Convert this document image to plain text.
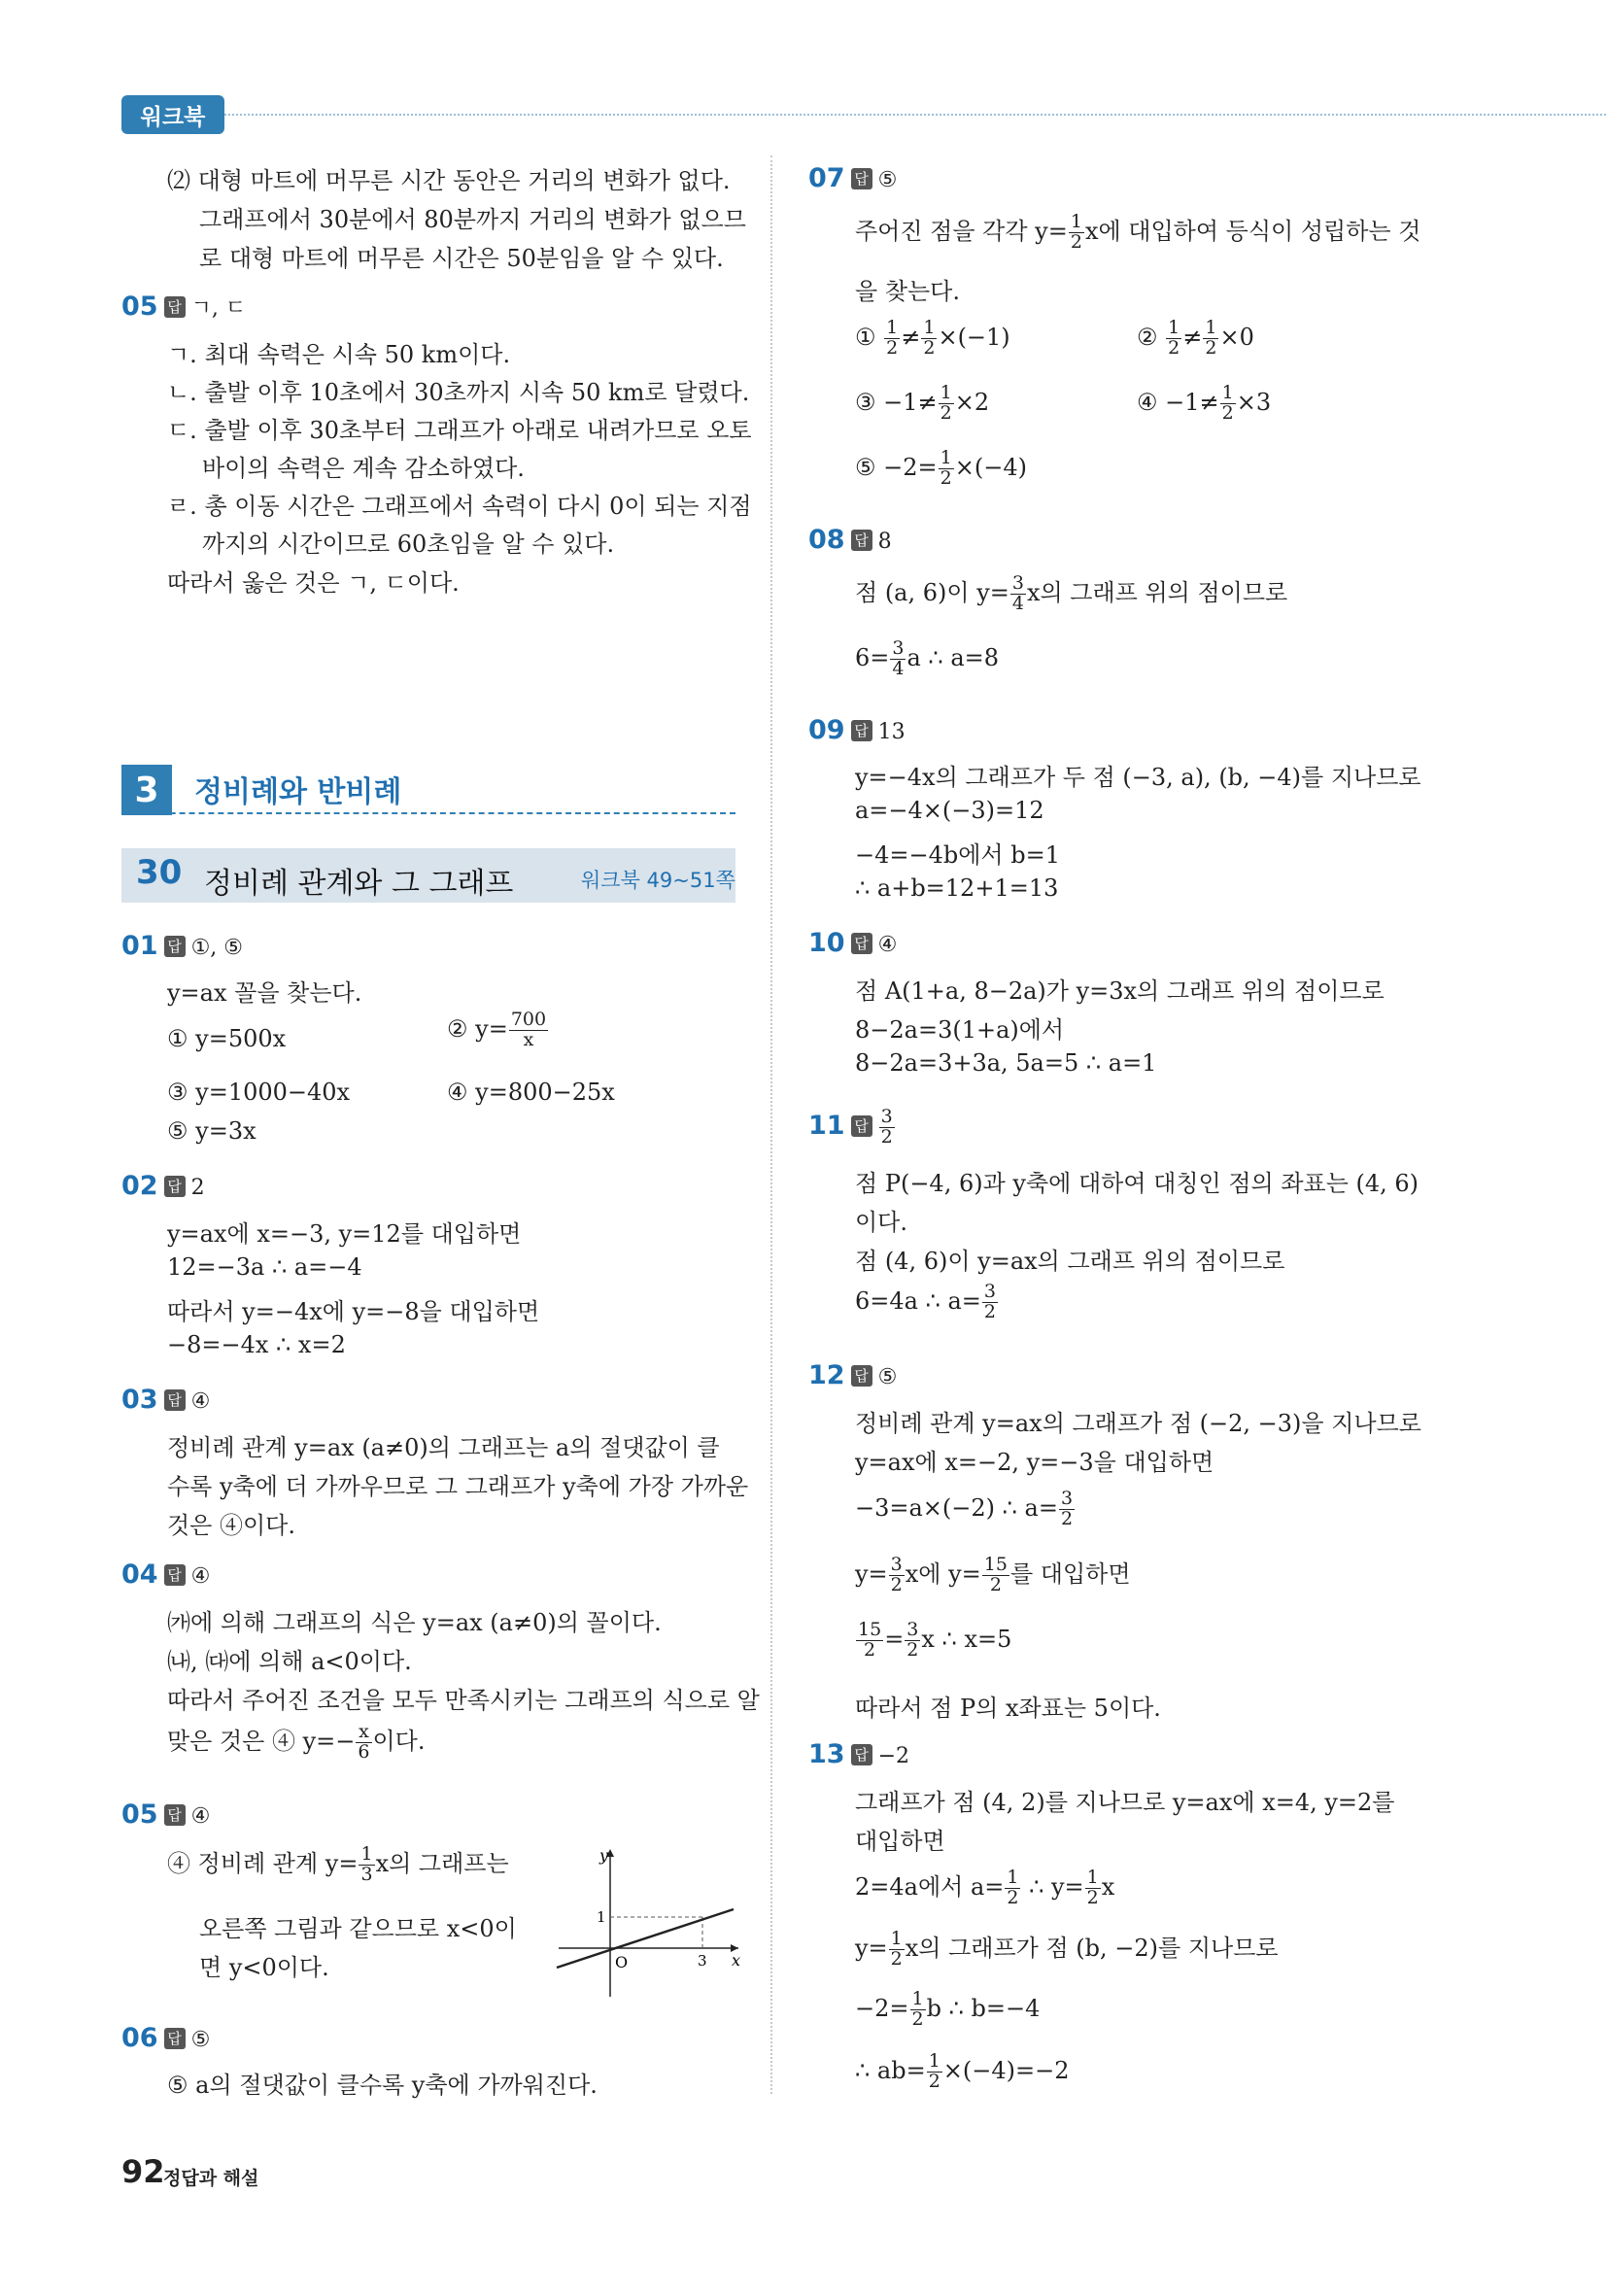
워크북
⑵ 대형 마트에 머무른 시간 동안은 거리의 변화가 없다.
그래프에서 30분에서 80분까지 거리의 변화가 없으므
로 대형 마트에 머무른 시간은 50분임을 알 수 있다.
05 답 ㄱ, ㄷ
ㄱ. 최대 속력은 시속 50 km이다.
ㄴ. 출발 이후 10초에서 30초까지 시속 50 km로 달렸다.
ㄷ. 출발 이후 30초부터 그래프가 아래로 내려가므로 오토
바이의 속력은 계속 감소하였다.
ㄹ. 총 이동 시간은 그래프에서 속력이 다시 0이 되는 지점
까지의 시간이므로 60초임을 알 수 있다.
따라서 옳은 것은 ㄱ, ㄷ이다.
3 정비례와 반비례
30 정비례 관계와 그 그래프	워크북 49~51쪽
01 답 ①, ⑤
y=ax 꼴을 찾는다.
① y=500x	② $y= \frac{700}{x}$
③ y=1000−40x	④ y=800−25x
⑤ y=3x
02 답 2
y=ax에 x=−3, y=12를 대입하면
12=−3a ∴ a=−4
따라서 y=−4x에 y=−8을 대입하면
−8=−4x ∴ x=2
03 답 ④
정비례 관계 y=ax (a≠0)의 그래프는 a의 절댓값이 클
수록 y축에 더 가까우므로 그 그래프가 y축에 가장 가까운
것은 ④이다.
04 답 ④
㈎에 의해 그래프의 식은 y=ax (a≠0)의 꼴이다.
㈏, ㈐에 의해 a<0이다.
따라서 주어진 조건을 모두 만족시키는 그래프의 식으로 알
맞은 것은 ④ $y=- \frac{x}{6}$ 이다.
05 답 ④
④ 정비례 관계 $y= \frac{1}{3}$ x의 그래프는
오른쪽 그림과 같으므로 x<0이
면 y<0이다.
y
x
O
1
3
06 답 ⑤
⑤ a의 절댓값이 클수록 y축에 가까워진다.
07 답 ⑤
주어진 점을 각각 $y= \frac{1}{2}$ x에 대입하여 등식이 성립하는 것
을 찾는다.
① $\frac{1}{2} \ne \frac{1}{2} \times(-1)$	② $\frac{1}{2} \ne \frac{1}{2} \times 0$
③ $-1\ne \frac{1}{2} \times 2$	④ $-1\ne \frac{1}{2} \times 3$
⑤ $-2= \frac{1}{2} \times(-4)$
08 답 8
점 (a, 6)이 $y= \frac{3}{4}$ x의 그래프 위의 점이므로
$6= \frac{3}{4}$ a ∴ a=8
09 답 13
y=−4x의 그래프가 두 점 (−3, a), (b, −4)를 지나므로
a=−4×(−3)=12
−4=−4b에서 b=1
∴ a+b=12+1=13
10 답 ④
점 A(1+a, 8−2a)가 y=3x의 그래프 위의 점이므로
8−2a=3(1+a)에서
8−2a=3+3a, 5a=5 ∴ a=1
11 답 $\frac{3}{2}$
점 P(−4, 6)과 y축에 대하여 대칭인 점의 좌표는 (4, 6)
이다.
점 (4, 6)이 y=ax의 그래프 위의 점이므로
6=4a ∴ $a= \frac{3}{2}$
12 답 ⑤
정비례 관계 y=ax의 그래프가 점 (−2, −3)을 지나므로
y=ax에 x=−2, y=−3을 대입하면
−3=a×(−2) ∴ $a= \frac{3}{2}$
$y= \frac{3}{2}$ x에 $y= \frac{15}{2}$ 를 대입하면
$\frac{15}{2} = \frac{3}{2}$ x ∴ x=5
따라서 점 P의 x좌표는 5이다.
13 답 −2
그래프가 점 (4, 2)를 지나므로 y=ax에 x=4, y=2를
대입하면
2=4a에서 $a= \frac{1}{2}$ ∴ $y= \frac{1}{2}$ x
$y= \frac{1}{2}$ x의 그래프가 점 (b, −2)를 지나므로
$-2= \frac{1}{2}$ b ∴ b=−4
∴ $ab= \frac{1}{2} \times(-4)=-2$
92
정답과 해설
